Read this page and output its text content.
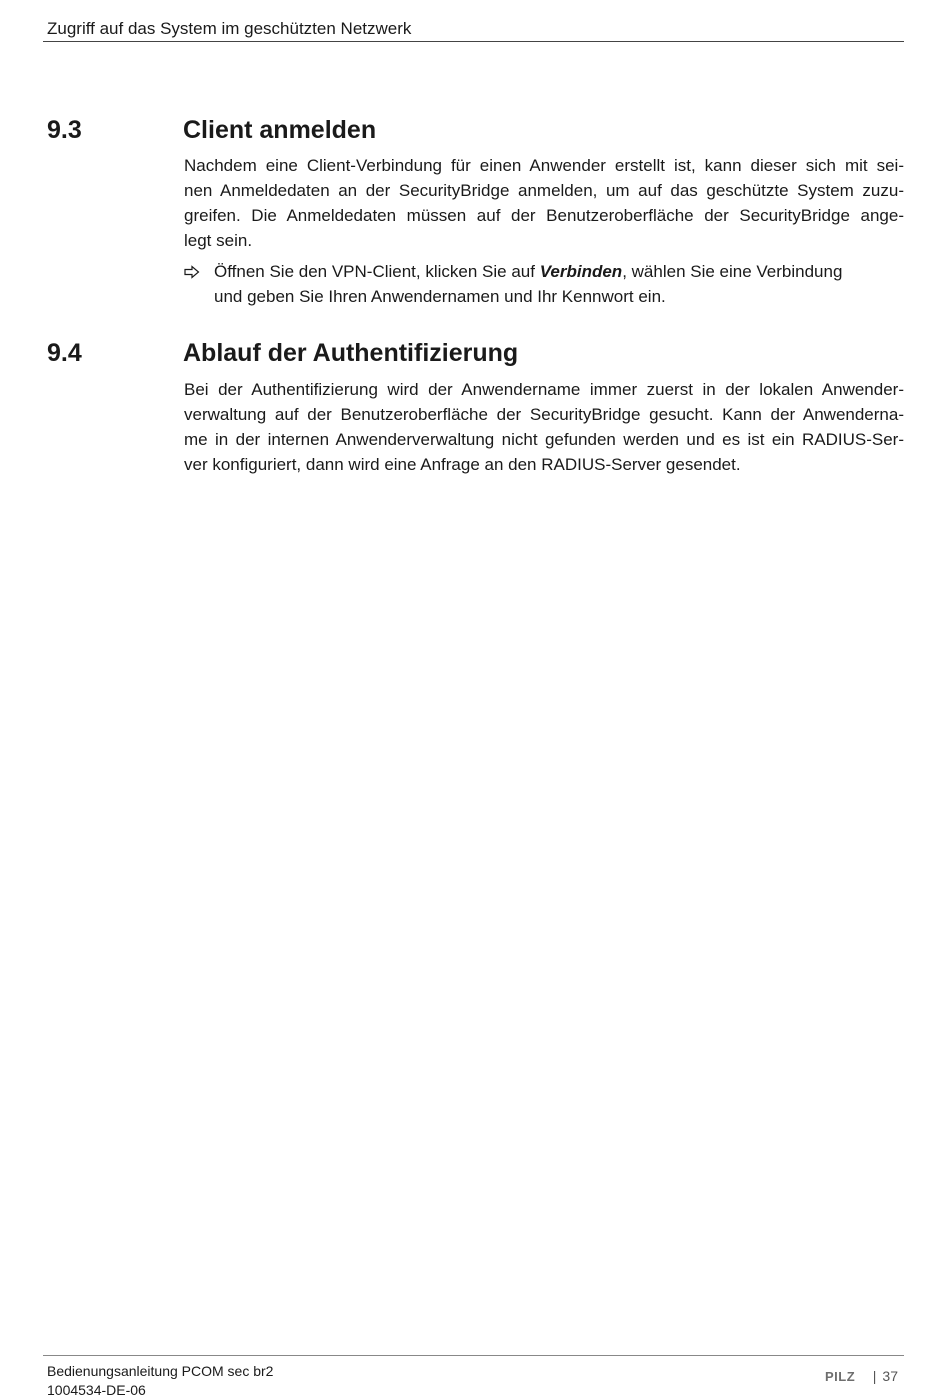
Zugriff auf das System im geschützten Netzwerk
9.3	Client anmelden
Nachdem eine Client-Verbindung für einen Anwender erstellt ist, kann dieser sich mit sei-
nen Anmeldedaten an der SecurityBridge anmelden, um auf das geschützte System zuzu-
greifen. Die Anmeldedaten müssen auf der Benutzeroberfläche der SecurityBridge ange-
legt sein.
Öffnen Sie den VPN-Client, klicken Sie auf Verbinden, wählen Sie eine Verbindung
und geben Sie Ihren Anwendernamen und Ihr Kennwort ein.
9.4	Ablauf der Authentifizierung
Bei der Authentifizierung wird der Anwendername immer zuerst in der lokalen Anwender-
verwaltung auf der Benutzeroberfläche der SecurityBridge gesucht. Kann der Anwenderna-
me in der internen Anwenderverwaltung nicht gefunden werden und es ist ein RADIUS-Ser-
ver konfiguriert, dann wird eine Anfrage an den RADIUS-Server gesendet.
Bedienungsanleitung PCOM sec br2
1004534-DE-06
PILZ | 37
